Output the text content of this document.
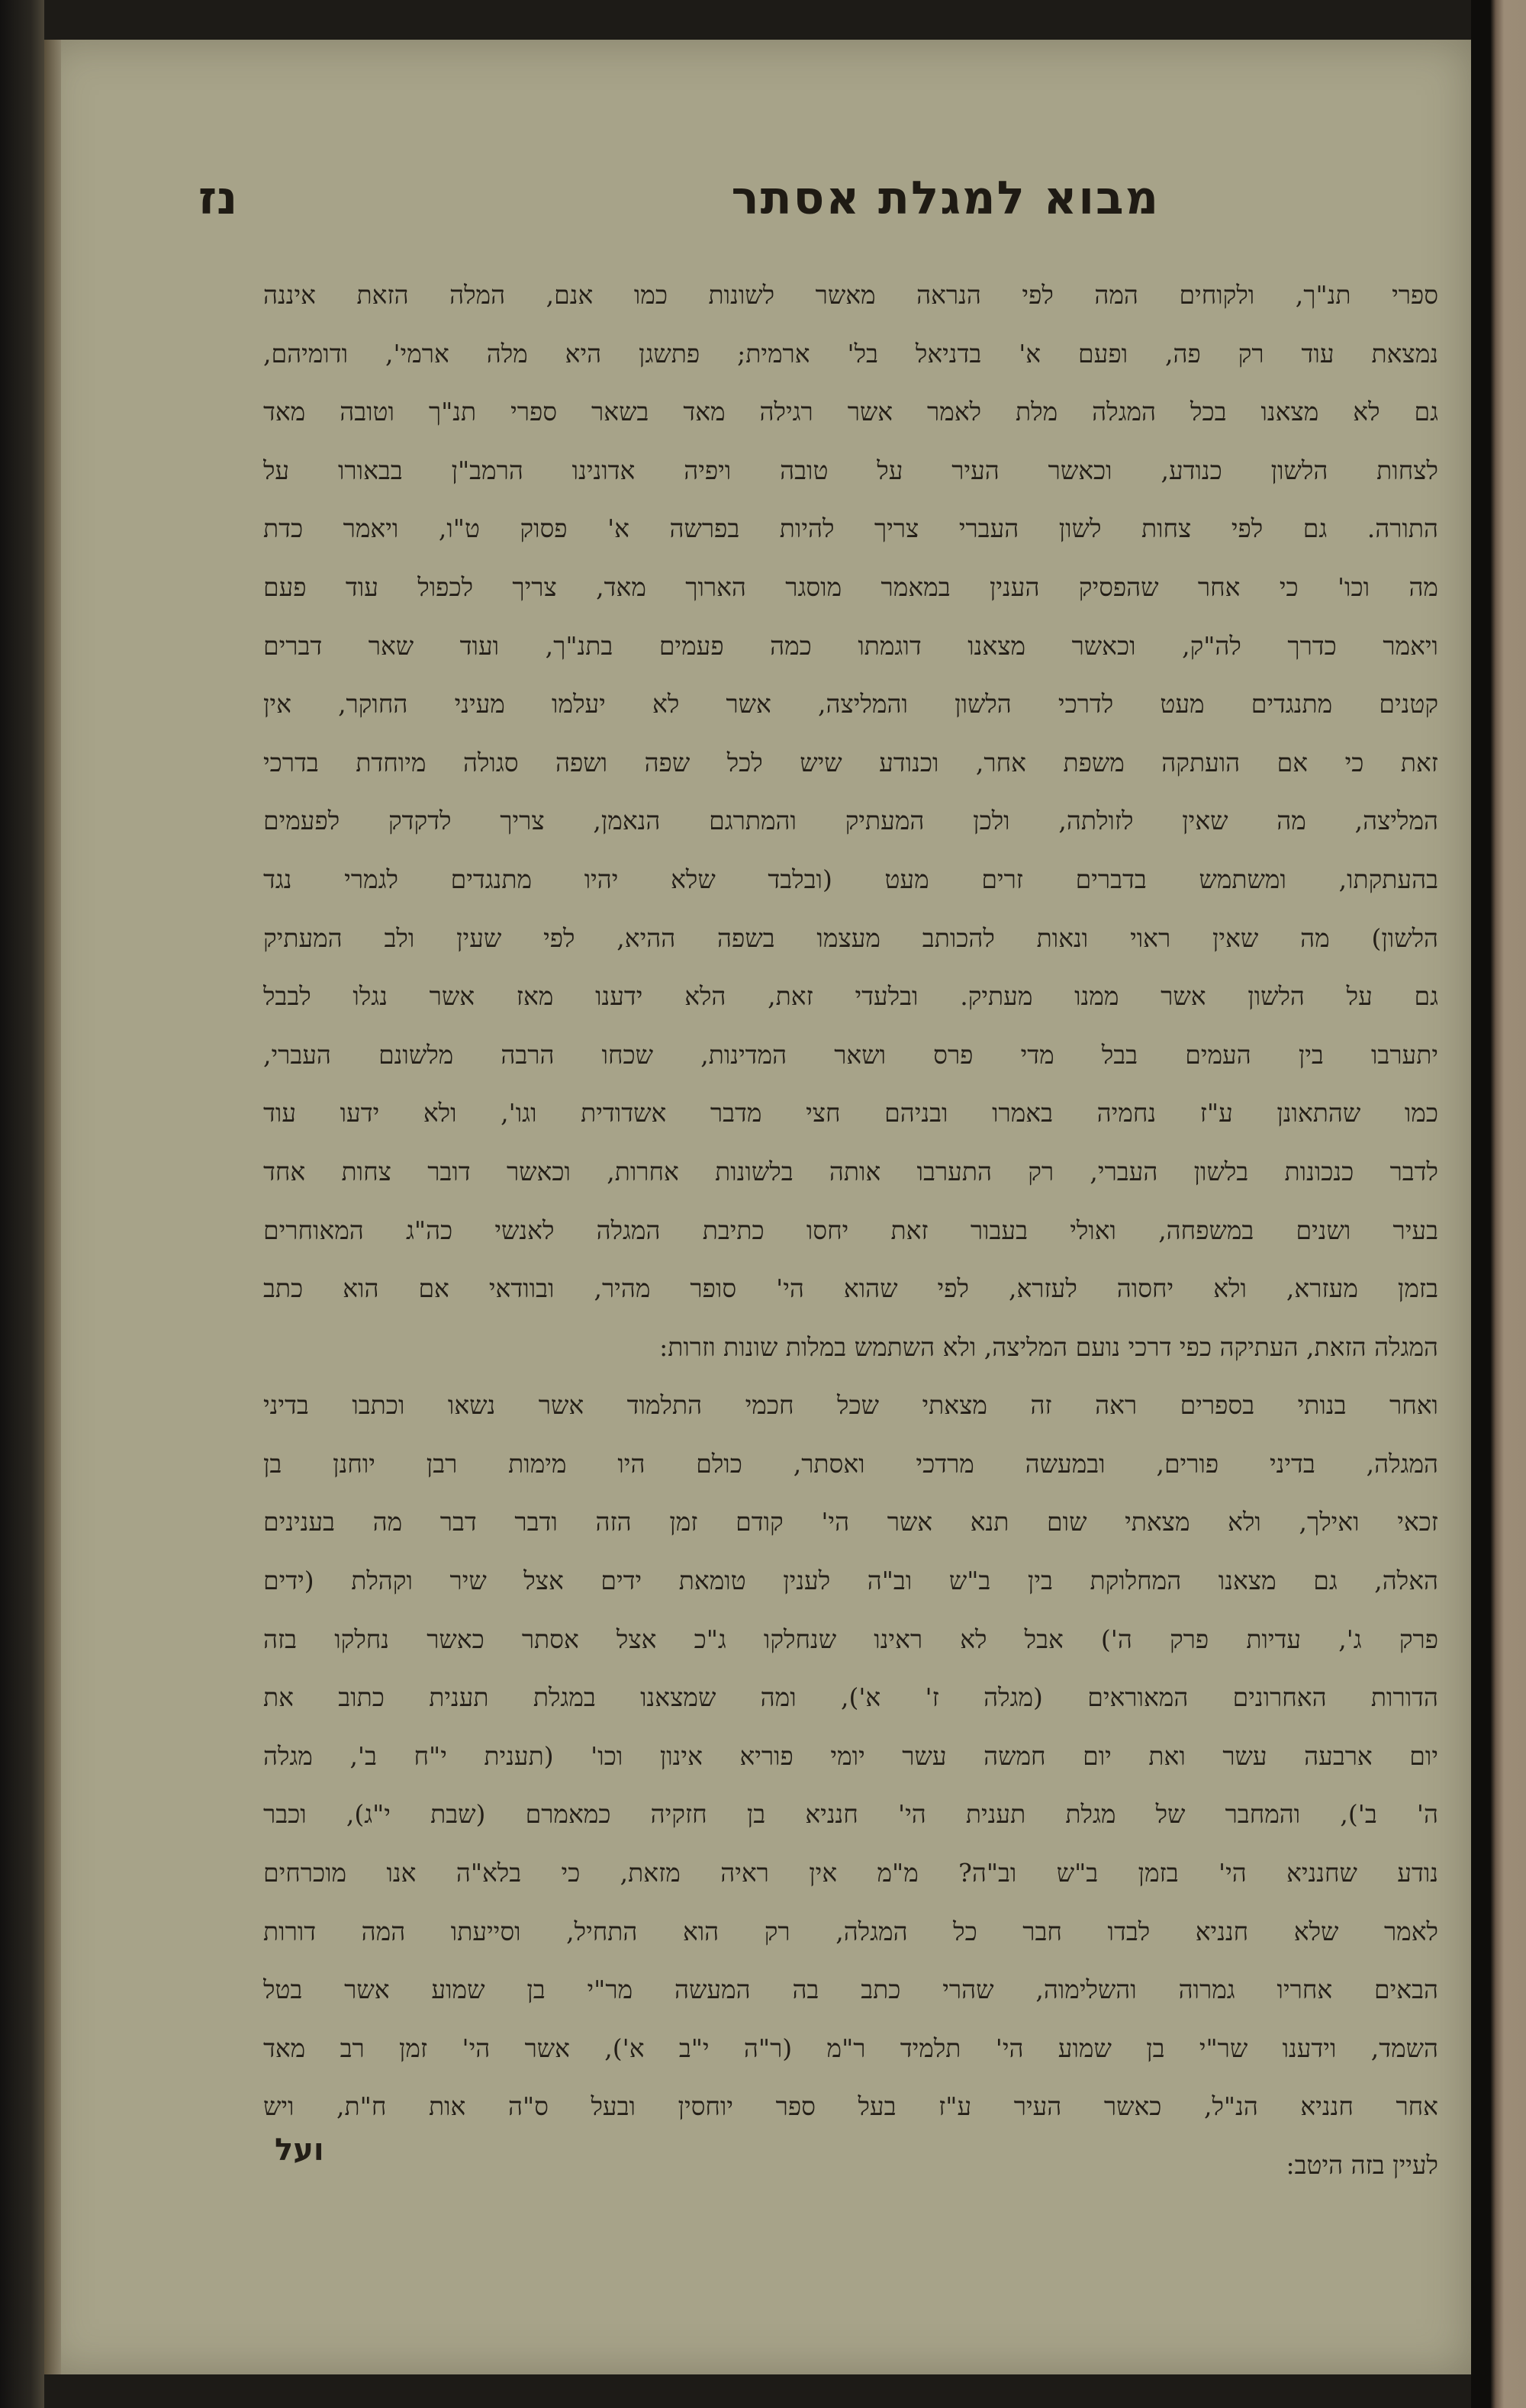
מבוא למגלת אסתר
נז
ספרי תנ"ך, ולקוחים המה לפי הנראה מאשר לשונות כמו אנם, המלה הזאת איננה
נמצאת עוד רק פה, ופעם א' בדניאל בל' ארמית; פתשגן היא מלה ארמי', ודומיהם,
גם לא מצאנו בכל המגלה מלת לאמר אשר רגילה מאד בשאר ספרי תנ"ך וטובה מאד
לצחות הלשון כנודע, וכאשר העיר על טובה ויפיה אדונינו הרמב"ן בבאורו על
התורה. גם לפי צחות לשון העברי צריך להיות בפרשה א' פסוק ט"ו, ויאמר כדת
מה וכו' כי אחר שהפסיק הענין במאמר מוסגר הארוך מאד, צריך לכפול עוד פעם
ויאמר כדרך לה"ק, וכאשר מצאנו דוגמתו כמה פעמים בתנ"ך, ועוד שאר דברים
קטנים מתנגדים מעט לדרכי הלשון והמליצה, אשר לא יעלמו מעיני החוקר, אין
זאת כי אם הועתקה משפת אחר, וכנודע שיש לכל שפה ושפה סגולה מיוחדת בדרכי
המליצה, מה שאין לזולתה, ולכן המעתיק והמתרגם הנאמן, צריך לדקדק לפעמים
בהעתקתו, ומשתמש בדברים זרים מעט (ובלבד שלא יהיו מתנגדים לגמרי נגד
הלשון) מה שאין ראוי ונאות להכותב מעצמו בשפה ההיא, לפי שעין ולב המעתיק
גם על הלשון אשר ממנו מעתיק. ובלעדי זאת, הלא ידענו מאז אשר נגלו לבבל
יתערבו בין העמים בבל מדי פרס ושאר המדינות, שכחו הרבה מלשונם העברי,
כמו שהתאונן ע"ז נחמיה באמרו ובניהם חצי מדבר אשדודית וגו', ולא ידעו עוד
לדבר כנכונות בלשון העברי, רק התערבו אותה בלשונות אחרות, וכאשר דובר צחות אחד
בעיר ושנים במשפחה, ואולי בעבור זאת יחסו כתיבת המגלה לאנשי כה"ג המאוחרים
בזמן מעזרא, ולא יחסוה לעזרא, לפי שהוא הי' סופר מהיר, ובוודאי אם הוא כתב
המגלה הזאת, העתיקה כפי דרכי נועם המליצה, ולא השתמש במלות שונות וזרות:
ואחר בנותי בספרים ראה זה מצאתי שכל חכמי התלמוד אשר נשאו וכתבו בדיני
המגלה, בדיני פורים, ובמעשה מרדכי ואסתר, כולם היו מימות רבן יוחנן בן
זכאי ואילך, ולא מצאתי שום תנא אשר הי' קודם זמן הזה ודבר דבר מה בענינים
האלה, גם מצאנו המחלוקת בין ב"ש וב"ה לענין טומאת ידים אצל שיר וקהלת (ידים
פרק ג', עדיות פרק ה') אבל לא ראינו שנחלקו ג"כ אצל אסתר כאשר נחלקו בזה
הדורות האחרונים המאוראים (מגלה ז' א'), ומה שמצאנו במגלת תענית כתוב את
יום ארבעה עשר ואת יום חמשה עשר יומי פוריא אינון וכו' (תענית י"ח ב', מגלה
ה' ב'), והמחבר של מגלת תענית הי' חנניא בן חזקיה כמאמרם (שבת י"ג), וכבר
נודע שחנניא הי' בזמן ב"ש וב"ה? מ"מ אין ראיה מזאת, כי בלא"ה אנו מוכרחים
לאמר שלא חנניא לבדו חבר כל המגלה, רק הוא התחיל, וסייעתו המה דורות
הבאים אחריו גמרוה והשלימוה, שהרי כתב בה המעשה מר"י בן שמוע אשר בטל
השמד, וידענו שר"י בן שמוע הי' תלמיד ר"מ (ר"ה י"ב א'), אשר הי' זמן רב מאד
אחר חנניא הנ"ל, כאשר העיר ע"ז בעל ספר יוחסין ובעל ס"ה אות ח"ת, ויש
לעיין בזה היטב:
ועל
